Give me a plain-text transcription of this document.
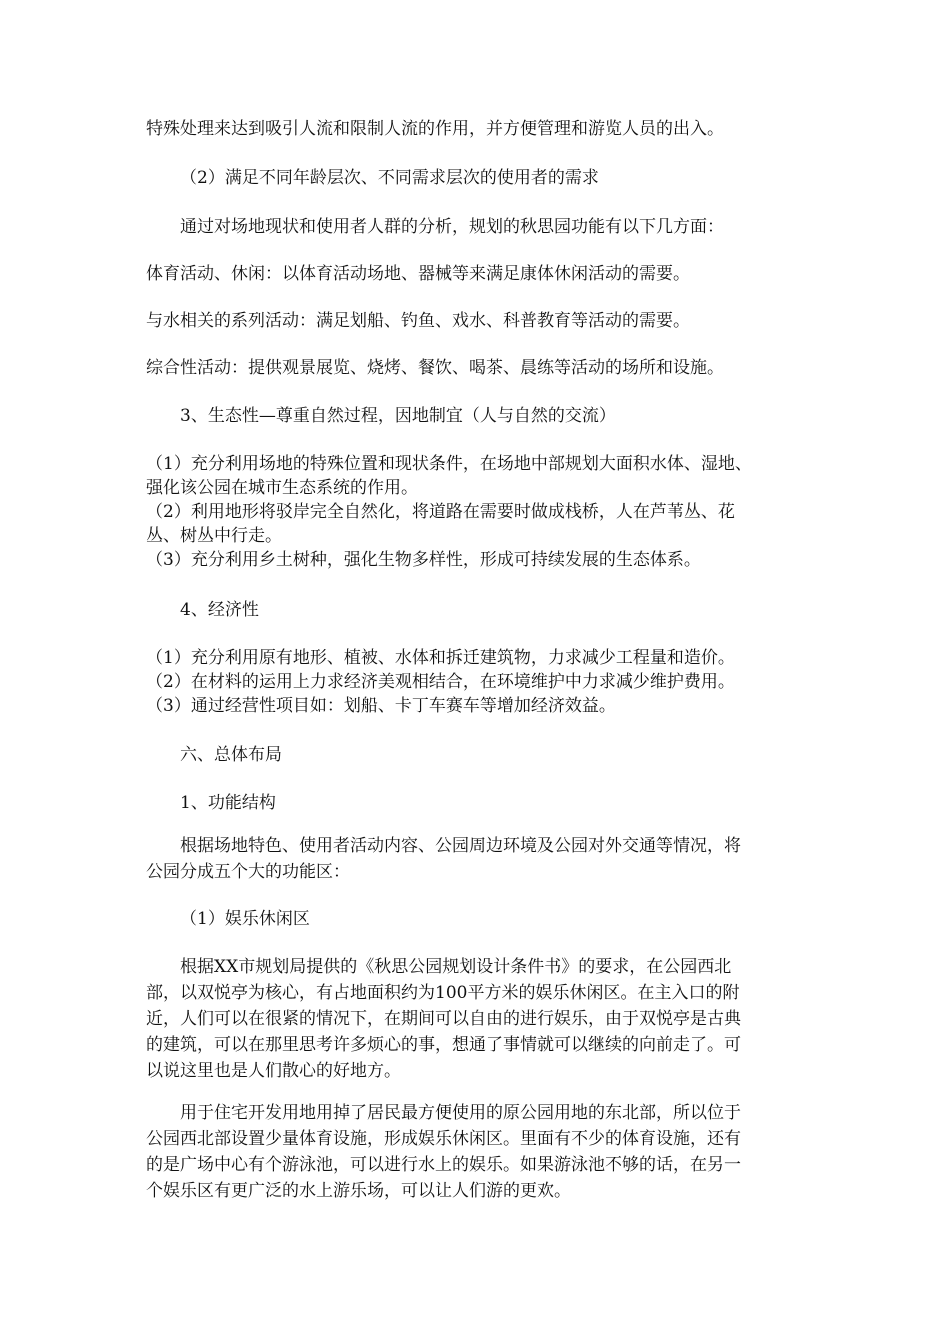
特殊处理来达到吸引人流和限制人流的作用，并方便管理和游览人员的出入。
（2）满足不同年龄层次、不同需求层次的使用者的需求
通过对场地现状和使用者人群的分析，规划的秋思园功能有以下几方面：
体育活动、休闲：以体育活动场地、器械等来满足康体休闲活动的需要。
与水相关的系列活动：满足划船、钓鱼、戏水、科普教育等活动的需要。
综合性活动：提供观景展览、烧烤、餐饮、喝茶、晨练等活动的场所和设施。
3、生态性—尊重自然过程，因地制宜（人与自然的交流）
（1）充分利用场地的特殊位置和现状条件，在场地中部规划大面积水体、湿地、
强化该公园在城市生态系统的作用。
（2）利用地形将驳岸完全自然化，将道路在需要时做成栈桥，人在芦苇丛、花
丛、树丛中行走。
（3）充分利用乡土树种，强化生物多样性，形成可持续发展的生态体系。
4、经济性
（1）充分利用原有地形、植被、水体和拆迁建筑物，力求减少工程量和造价。
（2）在材料的运用上力求经济美观相结合，在环境维护中力求减少维护费用。
（3）通过经营性项目如：划船、卡丁车赛车等增加经济效益。
六、总体布局
1、功能结构
根据场地特色、使用者活动内容、公园周边环境及公园对外交通等情况，将
公园分成五个大的功能区：
（1）娱乐休闲区
根据XX市规划局提供的《秋思公园规划设计条件书》的要求，在公园西北
部，以双悦亭为核心，有占地面积约为100平方米的娱乐休闲区。在主入口的附
近，人们可以在很紧的情况下，在期间可以自由的进行娱乐，由于双悦亭是古典
的建筑，可以在那里思考许多烦心的事，想通了事情就可以继续的向前走了。可
以说这里也是人们散心的好地方。
用于住宅开发用地用掉了居民最方便使用的原公园用地的东北部，所以位于
公园西北部设置少量体育设施，形成娱乐休闲区。里面有不少的体育设施，还有
的是广场中心有个游泳池，可以进行水上的娱乐。如果游泳池不够的话，在另一
个娱乐区有更广泛的水上游乐场，可以让人们游的更欢。
